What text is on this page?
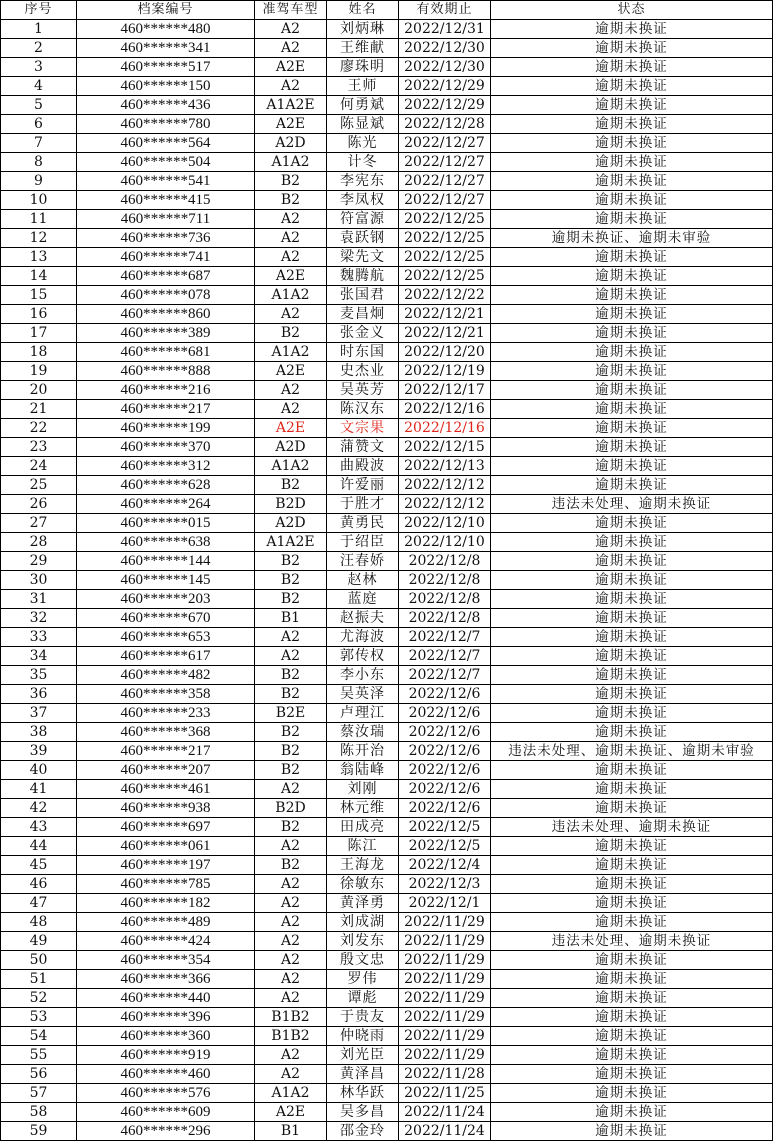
序号	档案编号	准驾车型	姓名	有效期止	状态
1	460******480	A2	刘炳琳	2022/12/31	逾期未换证
2	460******341	A2	王维献	2022/12/30	逾期未换证
3	460******517	A2E	廖珠明	2022/12/30	逾期未换证
4	460******150	A2	王师	2022/12/29	逾期未换证
5	460******436	A1A2E	何勇斌	2022/12/29	逾期未换证
6	460******780	A2E	陈显斌	2022/12/28	逾期未换证
7	460******564	A2D	陈光	2022/12/27	逾期未换证
8	460******504	A1A2	计冬	2022/12/27	逾期未换证
9	460******541	B2	李宪东	2022/12/27	逾期未换证
10	460******415	B2	李凤权	2022/12/27	逾期未换证
11	460******711	A2	符富源	2022/12/25	逾期未换证
12	460******736	A2	袁跃钢	2022/12/25	逾期未换证、逾期未审验
13	460******741	A2	梁先文	2022/12/25	逾期未换证
14	460******687	A2E	魏腾航	2022/12/25	逾期未换证
15	460******078	A1A2	张国君	2022/12/22	逾期未换证
16	460******860	A2	麦昌炯	2022/12/21	逾期未换证
17	460******389	B2	张金义	2022/12/21	逾期未换证
18	460******681	A1A2	时东国	2022/12/20	逾期未换证
19	460******888	A2E	史杰业	2022/12/19	逾期未换证
20	460******216	A2	吴英芳	2022/12/17	逾期未换证
21	460******217	A2	陈汉东	2022/12/16	逾期未换证
22	460******199	A2E	文宗果	2022/12/16	逾期未换证
23	460******370	A2D	蒲赞文	2022/12/15	逾期未换证
24	460******312	A1A2	曲殿波	2022/12/13	逾期未换证
25	460******628	B2	许爱丽	2022/12/12	逾期未换证
26	460******264	B2D	于胜才	2022/12/12	违法未处理、逾期未换证
27	460******015	A2D	黄勇民	2022/12/10	逾期未换证
28	460******638	A1A2E	于绍臣	2022/12/10	逾期未换证
29	460******144	B2	汪春娇	2022/12/8	逾期未换证
30	460******145	B2	赵林	2022/12/8	逾期未换证
31	460******203	B2	蓝庭	2022/12/8	逾期未换证
32	460******670	B1	赵振夫	2022/12/8	逾期未换证
33	460******653	A2	尤海波	2022/12/7	逾期未换证
34	460******617	A2	郭传权	2022/12/7	逾期未换证
35	460******482	B2	李小东	2022/12/7	逾期未换证
36	460******358	B2	吴英泽	2022/12/6	逾期未换证
37	460******233	B2E	卢理江	2022/12/6	逾期未换证
38	460******368	B2	蔡汝瑞	2022/12/6	逾期未换证
39	460******217	B2	陈开治	2022/12/6	违法未处理、逾期未换证、逾期未审验
40	460******207	B2	翁陆峰	2022/12/6	逾期未换证
41	460******461	A2	刘刚	2022/12/6	逾期未换证
42	460******938	B2D	林元维	2022/12/6	逾期未换证
43	460******697	B2	田成亮	2022/12/5	违法未处理、逾期未换证
44	460******061	A2	陈江	2022/12/5	逾期未换证
45	460******197	B2	王海龙	2022/12/4	逾期未换证
46	460******785	A2	徐敏东	2022/12/3	逾期未换证
47	460******182	A2	黄泽勇	2022/12/1	逾期未换证
48	460******489	A2	刘成湖	2022/11/29	逾期未换证
49	460******424	A2	刘发东	2022/11/29	违法未处理、逾期未换证
50	460******354	A2	殷文忠	2022/11/29	逾期未换证
51	460******366	A2	罗伟	2022/11/29	逾期未换证
52	460******440	A2	谭彪	2022/11/29	逾期未换证
53	460******396	B1B2	于贵友	2022/11/29	逾期未换证
54	460******360	B1B2	仲晓雨	2022/11/29	逾期未换证
55	460******919	A2	刘光臣	2022/11/29	逾期未换证
56	460******460	A2	黄泽昌	2022/11/28	逾期未换证
57	460******576	A1A2	林华跃	2022/11/25	逾期未换证
58	460******609	A2E	吴多昌	2022/11/24	逾期未换证
59	460******296	B1	邵金玲	2022/11/24	逾期未换证
